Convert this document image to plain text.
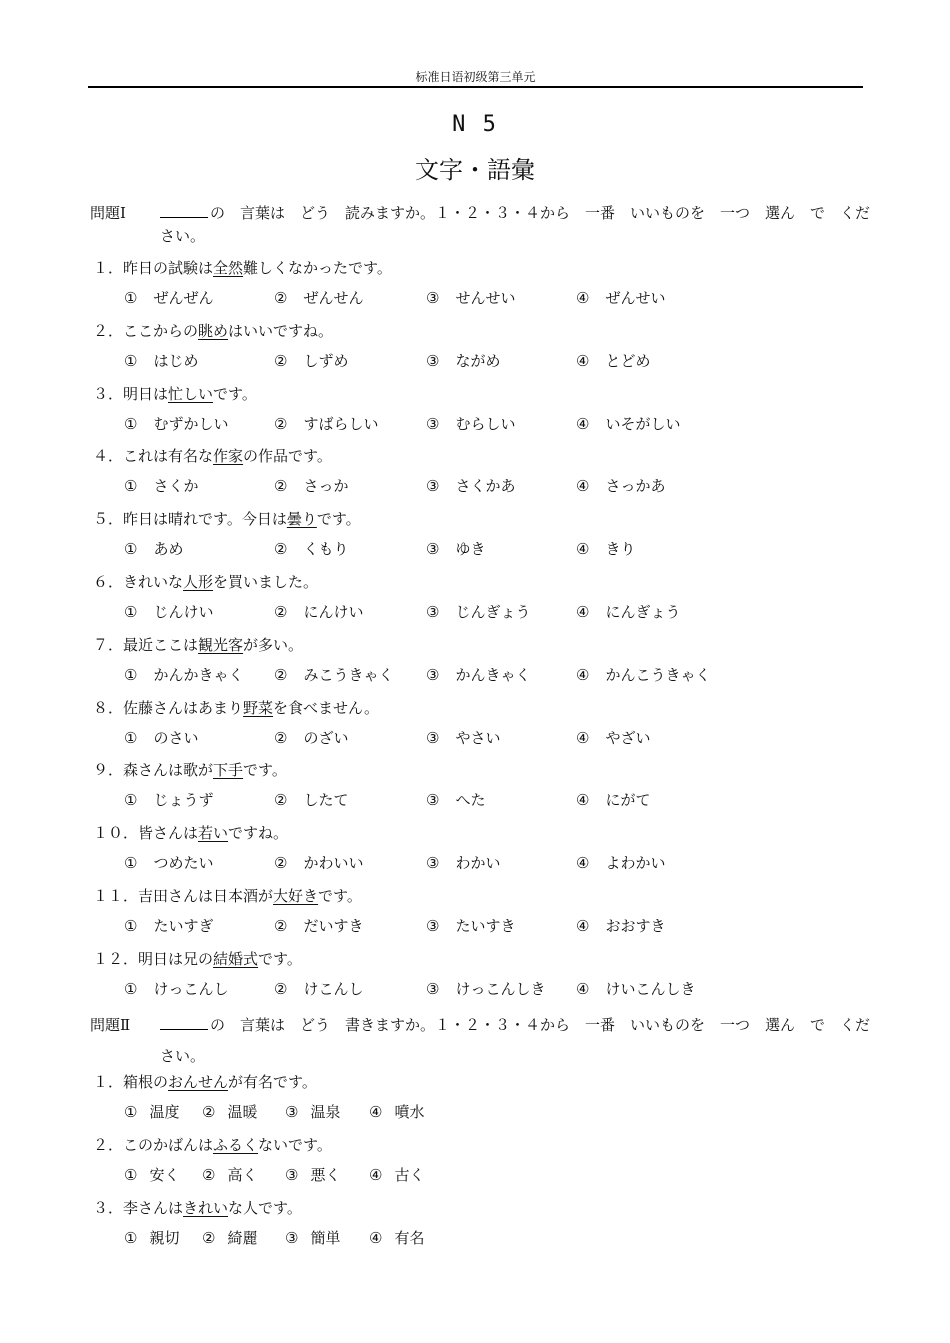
标准日语初级第三单元
N 5
文字・語彙
問題Ⅰ	の　言葉は　どう　読みますか。１・２・３・４から　一番　いいものを　一つ　選ん　で　ください。
１．昨日の試験は全然難しくなかったです。
① ぜんぜん	② ぜんせん	③ せんせい	④ ぜんせい
２．ここからの眺めはいいですね。
① はじめ	② しずめ	③ ながめ	④ とどめ
３．明日は忙しいです。
① むずかしい	② すばらしい	③ むらしい	④ いそがしい
４．これは有名な作家の作品です。
① さくか	② さっか	③ さくかあ	④ さっかあ
５．昨日は晴れです。今日は曇りです。
① あめ	② くもり	③ ゆき	④ きり
６．きれいな人形を買いました。
① じんけい	② にんけい	③ じんぎょう	④ にんぎょう
７．最近ここは観光客が多い。
① かんかきゃく ② みこうきゃく ③ かんきゃく	④ かんこうきゃく
８．佐藤さんはあまり野菜を食べません。
① のさい	② のざい	③ やさい	④ やざい
９．森さんは歌が下手です。
① じょうず	② したて	③ へた	④ にがて
１０．皆さんは若いですね。
① つめたい	② かわいい	③ わかい	④ よわかい
１１．吉田さんは日本酒が大好きです。
① たいすぎ	② だいすき	③ たいすき	④ おおすき
１２．明日は兄の結婚式です。
① けっこんし	② けこんし	③ けっこんしき ④ けいこんしき
問題Ⅱ	の　言葉は　どう　書きますか。１・２・３・４から　一番　いいものを　一つ　選ん　で　ください。
１．箱根のおんせんが有名です。
① 温度 ② 温暖 ③ 温泉 ④ 噴水
２．このかばんはふるくないです。
① 安く ② 高く ③ 悪く ④ 古く
３．李さんはきれいな人です。
① 親切 ② 綺麗 ③ 簡単 ④ 有名
